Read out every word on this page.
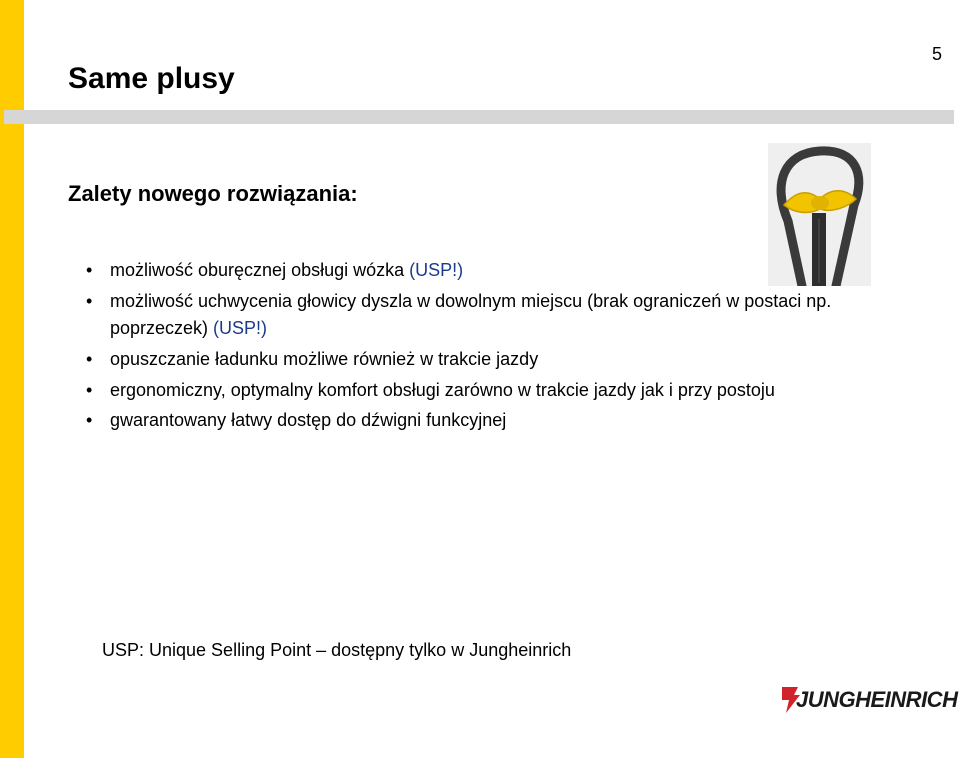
5
Same plusy
Zalety nowego rozwiązania:
• możliwość oburęcznej obsługi wózka (USP!)
• możliwość uchwycenia głowicy dyszla w dowolnym miejscu (brak ograniczeń w postaci np. poprzeczek) (USP!)
• opuszczanie ładunku możliwe również w trakcie jazdy
• ergonomiczny, optymalny komfort obsługi zarówno w trakcie jazdy jak i przy postoju
• gwarantowany łatwy dostęp do dźwigni funkcyjnej
USP: Unique Selling Point – dostępny tylko w Jungheinrich
JUNGHEINRICH
